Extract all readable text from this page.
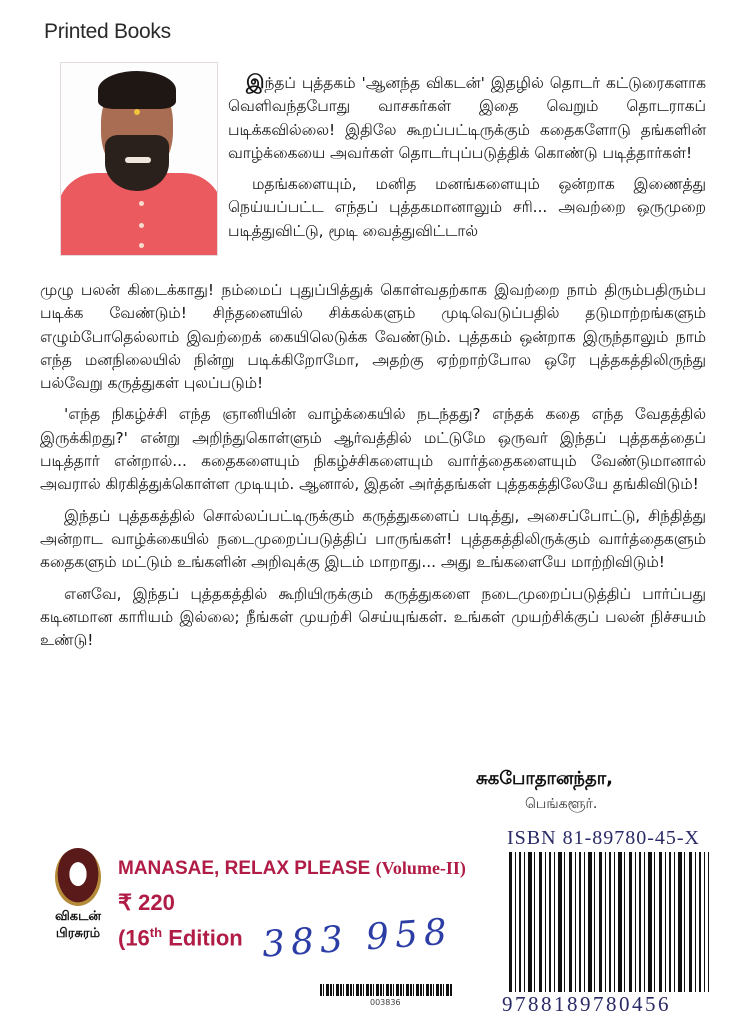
Printed Books

இந்தப் புத்தகம் 'ஆனந்த விகடன்' இதழில் தொடர் கட்டுரைகளாக வெளிவந்தபோது வாசகர்கள் இதை வெறும் தொடராகப் படிக்கவில்லை! இதிலே கூறப்பட்டிருக்கும் கதைகளோடு தங்களின் வாழ்க்கையை அவர்கள் தொடர்புப்படுத்திக் கொண்டு படித்தார்கள்!

மதங்களையும், மனித மனங்களையும் ஒன்றாக இணைத்து நெய்யப்பட்ட எந்தப் புத்தகமானாலும் சரி... அவற்றை ஒருமுறை படித்துவிட்டு, மூடி வைத்துவிட்டால்

முழு பலன் கிடைக்காது! நம்மைப் புதுப்பித்துக் கொள்வதற்காக இவற்றை நாம் திரும்பதிரும்ப படிக்க வேண்டும்! சிந்தனையில் சிக்கல்களும் முடிவெடுப்பதில் தடுமாற்றங்களும் எழும்போதெல்லாம் இவற்றைக் கையிலெடுக்க வேண்டும். புத்தகம் ஒன்றாக இருந்தாலும் நாம் எந்த மனநிலையில் நின்று படிக்கிறோமோ, அதற்கு ஏற்றாற்போல ஒரே புத்தகத்திலிருந்து பல்வேறு கருத்துகள் புலப்படும்!

'எந்த நிகழ்ச்சி எந்த ஞானியின் வாழ்க்கையில் நடந்தது? எந்தக் கதை எந்த வேதத்தில் இருக்கிறது?' என்று அறிந்துகொள்ளும் ஆர்வத்தில் மட்டுமே ஒருவர் இந்தப் புத்தகத்தைப் படித்தார் என்றால்... கதைகளையும் நிகழ்ச்சிகளையும் வார்த்தைகளையும் வேண்டுமானால் அவரால் கிரகித்துக்கொள்ள முடியும். ஆனால், இதன் அர்த்தங்கள் புத்தகத்திலேயே தங்கிவிடும்!

இந்தப் புத்தகத்தில் சொல்லப்பட்டிருக்கும் கருத்துகளைப் படித்து, அசைப்போட்டு, சிந்தித்து அன்றாட வாழ்க்கையில் நடைமுறைப்படுத்திப் பாருங்கள்! புத்தகத்திலிருக்கும் வார்த்தைகளும் கதைகளும் மட்டும் உங்களின் அறிவுக்கு இடம் மாறாது... அது உங்களையே மாற்றிவிடும்!

எனவே, இந்தப் புத்தகத்தில் கூறியிருக்கும் கருத்துகளை நடைமுறைப்படுத்திப் பார்ப்பது கடினமான காரியம் இல்லை; நீங்கள் முயற்சி செய்யுங்கள். உங்கள் முயற்சிக்குப் பலன் நிச்சயம் உண்டு!

சுகபோதானந்தா,
பெங்களூர்.
விகடன்
பிரசுரம்
MANASAE, RELAX PLEASE (Volume-II)
₹ 220
(16th Edition 383 958
003836
ISBN 81-89780-45-X
9788189780456
